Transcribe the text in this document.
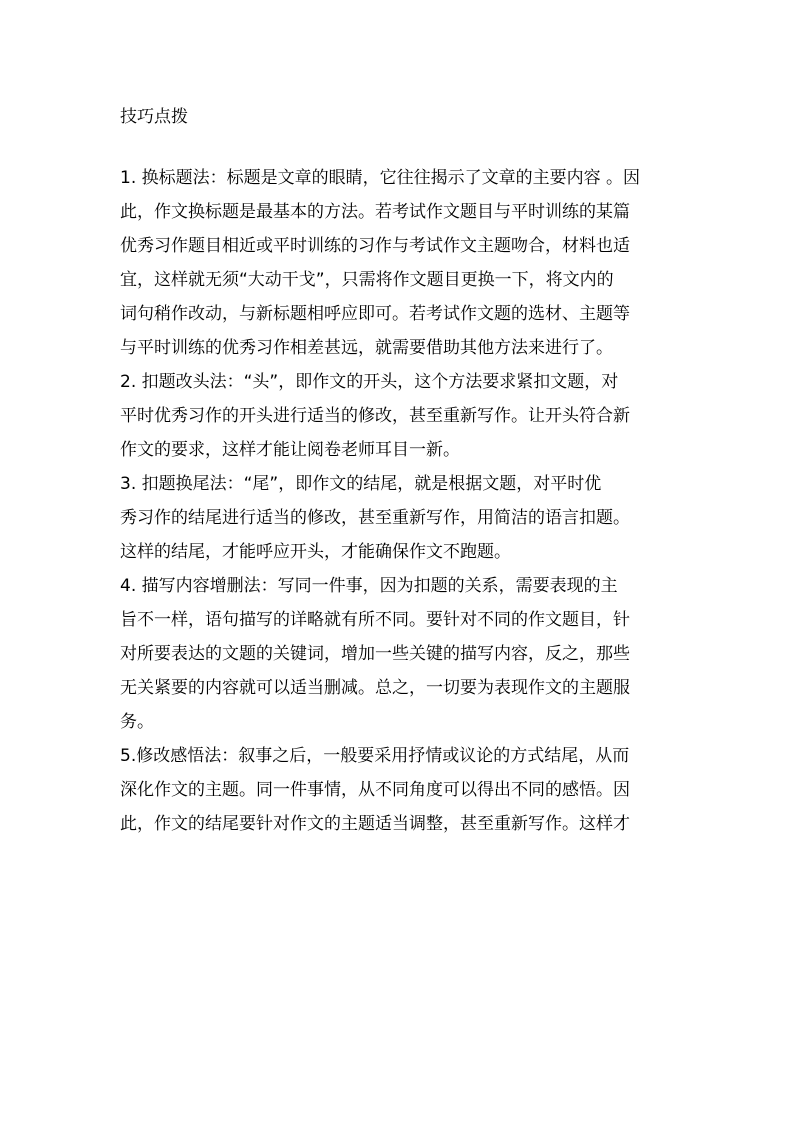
技巧点拨
1. 换标题法：标题是文章的眼睛，它往往揭示了文章的主要内容 。因
此，作文换标题是最基本的方法。若考试作文题目与平时训练的某篇
优秀习作题目相近或平时训练的习作与考试作文主题吻合，材料也适
宜，这样就无须“大动干戈”，只需将作文题目更换一下，将文内的
词句稍作改动，与新标题相呼应即可。若考试作文题的选材、主题等
与平时训练的优秀习作相差甚远，就需要借助其他方法来进行了。
2. 扣题改头法：“头”，即作文的开头，这个方法要求紧扣文题，对
平时优秀习作的开头进行适当的修改，甚至重新写作。让开头符合新
作文的要求，这样才能让阅卷老师耳目一新。
3. 扣题换尾法：“尾”，即作文的结尾，就是根据文题，对平时优
秀习作的结尾进行适当的修改，甚至重新写作，用简洁的语言扣题。
这样的结尾，才能呼应开头，才能确保作文不跑题。
4. 描写内容增删法：写同一件事，因为扣题的关系，需要表现的主
旨不一样，语句描写的详略就有所不同。要针对不同的作文题目，针
对所要表达的文题的关键词，增加一些关键的描写内容，反之，那些
无关紧要的内容就可以适当删减。总之，一切要为表现作文的主题服
务。
5.修改感悟法：叙事之后，一般要采用抒情或议论的方式结尾，从而
深化作文的主题。同一件事情，从不同角度可以得出不同的感悟。因
此，作文的结尾要针对作文的主题适当调整，甚至重新写作。这样才
